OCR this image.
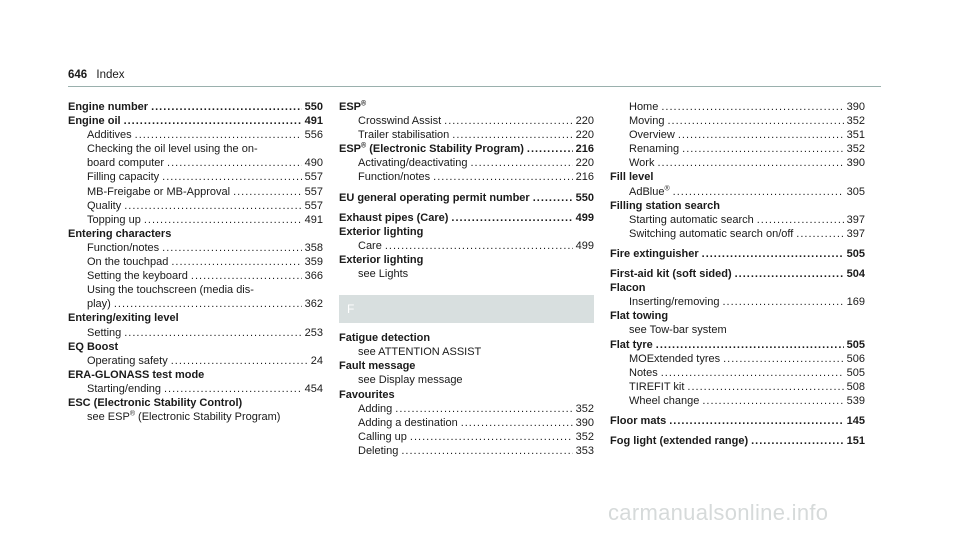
646 Index
Engine number .....	550
Engine oil .....	491
Additives .....	556
Checking the oil level using the on-
board computer .....	490
Filling capacity .....	557
MB-Freigabe or MB-Approval .....	557
Quality .....	557
Topping up .....	491
Entering characters
Function/notes .....	358
On the touchpad .....	359
Setting the keyboard .....	366
Using the touchscreen (media dis-
play) .....	362
Entering/exiting level
Setting .....	253
EQ Boost
Operating safety .....	24
ERA-GLONASS test mode
Starting/ending .....	454
ESC (Electronic Stability Control)
see ESP® (Electronic Stability Program)
ESP®
Crosswind Assist .....	220
Trailer stabilisation .....	220
ESP® (Electronic Stability Program) .....	216
Activating/deactivating .....	220
Function/notes .....	216
EU general operating permit number .....	550
Exhaust pipes (Care) .....	499
Exterior lighting
Care .....	499
Exterior lighting
see Lights
F
Fatigue detection
see ATTENTION ASSIST
Fault message
see Display message
Favourites
Adding .....	352
Adding a destination .....	390
Calling up .....	352
Deleting .....	353
Home .....	390
Moving .....	352
Overview .....	351
Renaming .....	352
Work .....	390
Fill level
AdBlue® .....	305
Filling station search
Starting automatic search .....	397
Switching automatic search on/off .....	397
Fire extinguisher .....	505
First-aid kit (soft sided) .....	504
Flacon
Inserting/removing .....	169
Flat towing
see Tow-bar system
Flat tyre .....	505
MOExtended tyres .....	506
Notes .....	505
TIREFIT kit .....	508
Wheel change .....	539
Floor mats .....	145
Fog light (extended range) .....	151
carmanualsonline.info
